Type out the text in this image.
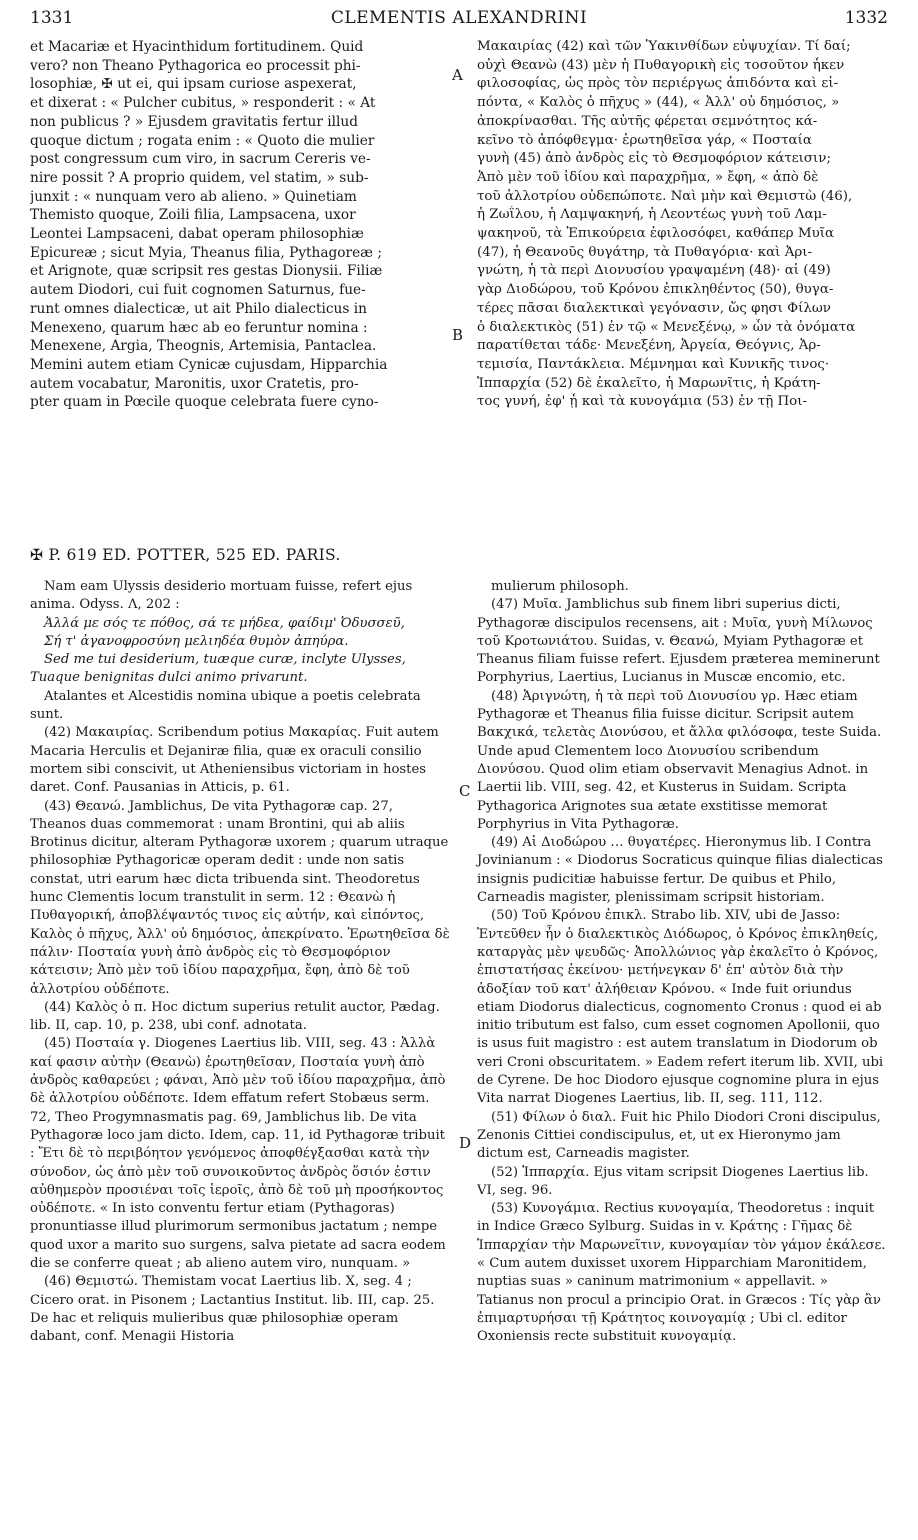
1331	CLEMENTIS ALEXANDRINI	1332
et Macariæ et Hyacinthidum fortitudinem. Quid
vero? non Theano Pythagorica eo processit phi-
losophiæ, ✠ ut ei, qui ipsam curiose aspexerat,
et dixerat : « Pulcher cubitus, » responderit : « At
non publicus ? » Ejusdem gravitatis fertur illud
quoque dictum ; rogata enim : « Quoto die mulier
post congressum cum viro, in sacrum Cereris ve-
nire possit ? A proprio quidem, vel statim, » sub-
junxit : « nunquam vero ab alieno. » Quinetiam
Themisto quoque, Zoili filia, Lampsacena, uxor
Leontei Lampsaceni, dabat operam philosophiæ
Epicureæ ; sicut Myia, Theanus filia, Pythagoreæ ;
et Arignote, quæ scripsit res gestas Dionysii. Filiæ
autem Diodori, cui fuit cognomen Saturnus, fue-
runt omnes dialecticæ, ut ait Philo dialecticus in
Menexeno, quarum hæc ab eo feruntur nomina :
Menexene, Argia, Theognis, Artemisia, Pantaclea.
Memini autem etiam Cynicæ cujusdam, Hipparchia
autem vocabatur, Maronitis, uxor Cratetis, pro-
pter quam in Pœcile quoque celebrata fuere cyno-
Μακαιρίας (42) καὶ τῶν Ὑακινθίδων εὐψυχίαν. Τί δαί;
οὐχὶ Θεανὼ (43) μὲν ἡ Πυθαγορικὴ εἰς τοσοῦτον ἧκεν
φιλοσοφίας, ὡς πρὸς τὸν περιέργως ἀπιδόντα καὶ εἰ-
πόντα, « Καλὸς ὁ πῆχυς » (44), « Ἀλλ' οὐ δημόσιος, »
ἀποκρίνασθαι. Τῆς αὐτῆς φέρεται σεμνότητος κά-
κεῖνο τὸ ἀπόφθεγμα· ἐρωτηθεῖσα γάρ, « Ποσταία
γυνὴ (45) ἀπὸ ἀνδρὸς εἰς τὸ Θεσμοφόριον κάτεισιν;
Ἀπὸ μὲν τοῦ ἰδίου καὶ παραχρῆμα, » ἔφη, « ἀπὸ δὲ
τοῦ ἀλλοτρίου οὐδεπώποτε. Ναὶ μὴν καὶ Θεμιστὼ (46),
ἡ Ζωΐλου, ἡ Λαμψακηνή, ἡ Λεοντέως γυνὴ τοῦ Λαμ-
ψακηνοῦ, τὰ Ἐπικούρεια ἐφιλοσόφει, καθάπερ Μυῖα
(47), ἡ Θεανοῦς θυγάτηρ, τὰ Πυθαγόρια· καὶ Ἀρι-
γνώτη, ἡ τὰ περὶ Διονυσίου γραψαμένη (48)· αἱ (49)
γὰρ Διοδώρου, τοῦ Κρόνου ἐπικληθέντος (50), θυγα-
τέρες πᾶσαι διαλεκτικαὶ γεγόνασιν, ὥς φησι Φίλων
ὁ διαλεκτικὸς (51) ἐν τῷ « Μενεξένῳ, » ὧν τὰ ὀνόματα
παρατίθεται τάδε· Μενεξένη, Ἀργεία, Θεόγνις, Ἀρ-
τεμισία, Παντάκλεια. Μέμνημαι καὶ Κυνικῆς τινος·
Ἱππαρχία (52) δὲ ἐκαλεῖτο, ἡ Μαρωνῖτις, ἡ Κράτη-
τος γυνή, ἐφ' ᾗ καὶ τὰ κυνογάμια (53) ἐν τῇ Ποι-
A
B
C
D
✠ P. 619 ED. POTTER, 525 ED. PARIS.

Nam eam Ulyssis desiderio mortuam fuisse, refert ejus anima. Odyss. Λ, 202 :

Ἀλλά με σός τε πόθος, σά τε μήδεα, φαίδιμ' Ὀδυσσεῦ,

Σή τ' ἀγανοφροσύνη μελιηδέα θυμὸν ἀπηύρα.

Sed me tui desiderium, tuæque curæ, inclyte Ulysses, Tuaque benignitas dulci animo privarunt.

Atalantes et Alcestidis nomina ubique a poetis celebrata sunt.

(42) Μακαιρίας. Scribendum potius Μακαρίας. Fuit autem Macaria Herculis et Dejaniræ filia, quæ ex oraculi consilio mortem sibi conscivit, ut Atheniensibus victoriam in hostes daret. Conf. Pausanias in Atticis, p. 61.

(43) Θεανώ. Jamblichus, De vita Pythagoræ cap. 27, Theanos duas commemorat : unam Brontini, qui ab aliis Brotinus dicitur, alteram Pythagoræ uxorem ; quarum utraque philosophiæ Pythagoricæ operam dedit : unde non satis constat, utri earum hæc dicta tribuenda sint. Theodoretus hunc Clementis locum transtulit in serm. 12 : Θεανὼ ἡ Πυθαγορική, ἀποβλέψαντός τινος εἰς αὐτήν, καὶ εἰπόντος, Καλὸς ὁ πῆχυς, Ἀλλ' οὐ δημόσιος, ἀπεκρίνατο. Ἐρωτηθεῖσα δὲ πάλιν· Ποσταία γυνὴ ἀπὸ ἀνδρὸς εἰς τὸ Θεσμοφόριον κάτεισιν; Ἀπὸ μὲν τοῦ ἰδίου παραχρῆμα, ἔφη, ἀπὸ δὲ τοῦ ἀλλοτρίου οὐδέποτε.

(44) Καλὸς ὁ π. Hoc dictum superius retulit auctor, Pædag. lib. II, cap. 10, p. 238, ubi conf. adnotata.

(45) Ποσταία γ. Diogenes Laertius lib. VIII, seg. 43 : Ἀλλὰ καί φασιν αὐτὴν (Θεανὼ) ἐρωτηθεῖσαν, Ποσταία γυνὴ ἀπὸ ἀνδρὸς καθαρεύει ; φάναι, Ἀπὸ μὲν τοῦ ἰδίου παραχρῆμα, ἀπὸ δὲ ἀλλοτρίου οὐδέποτε. Idem effatum refert Stobæus serm. 72, Theo Progymnasmatis pag. 69, Jamblichus lib. De vita Pythagoræ loco jam dicto. Idem, cap. 11, id Pythagoræ tribuit : Ἔτι δὲ τὸ περιβόητον γενόμενος ἀποφθέγξασθαι κατὰ τὴν σύνοδον, ὡς ἀπὸ μὲν τοῦ συνοικοῦντος ἀνδρὸς ὅσιόν ἐστιν αὐθημερὸν προσιέναι τοῖς ἱεροῖς, ἀπὸ δὲ τοῦ μὴ προσήκοντος οὐδέποτε. « In isto conventu fertur etiam (Pythagoras) pronuntiasse illud plurimorum sermonibus jactatum ; nempe quod uxor a marito suo surgens, salva pietate ad sacra eodem die se conferre queat ; ab alieno autem viro, nunquam. »

(46) Θεμιστώ. Themistam vocat Laertius lib. X, seg. 4 ; Cicero orat. in Pisonem ; Lactantius Institut. lib. III, cap. 25. De hac et reliquis mulieribus quæ philosophiæ operam dabant, conf. Menagii Historia

mulierum philosoph.

(47) Μυῖα. Jamblichus sub finem libri superius dicti, Pythagoræ discipulos recensens, ait : Μυῖα, γυνὴ Μίλωνος τοῦ Κροτωνιάτου. Suidas, v. Θεανώ, Myiam Pythagoræ et Theanus filiam fuisse refert. Ejusdem præterea meminerunt Porphyrius, Laertius, Lucianus in Muscæ encomio, etc.

(48) Ἀριγνώτη, ἡ τὰ περὶ τοῦ Διονυσίου γρ. Hæc etiam Pythagoræ et Theanus filia fuisse dicitur. Scripsit autem Βακχικά, τελετὰς Διονύσου, et ἄλλα φιλόσοφα, teste Suida. Unde apud Clementem loco Διονυσίου scribendum Διονύσου. Quod olim etiam observavit Menagius Adnot. in Laertii lib. VIII, seg. 42, et Kusterus in Suidam. Scripta Pythagorica Arignotes sua ætate exstitisse memorat Porphyrius in Vita Pythagoræ.

(49) Αἱ Διοδώρου … θυγατέρες. Hieronymus lib. I Contra Jovinianum : « Diodorus Socraticus quinque filias dialecticas insignis pudicitiæ habuisse fertur. De quibus et Philo, Carneadis magister, plenissimam scripsit historiam.

(50) Τοῦ Κρόνου ἐπικλ. Strabo lib. XIV, ubi de Jasso: Ἐντεῦθεν ἦν ὁ διαλεκτικὸς Διόδωρος, ὁ Κρόνος ἐπικληθείς, καταργὰς μὲν ψευδῶς· Ἀπολλώνιος γὰρ ἐκαλεῖτο ὁ Κρόνος, ἐπιστατήσας ἐκείνου· μετήνεγκαν δ' ἐπ' αὐτὸν διὰ τὴν ἀδοξίαν τοῦ κατ' ἀλήθειαν Κρόνου. « Inde fuit oriundus etiam Diodorus dialecticus, cognomento Cronus : quod ei ab initio tributum est falso, cum esset cognomen Apollonii, quo is usus fuit magistro : est autem translatum in Diodorum ob veri Croni obscuritatem. » Eadem refert iterum lib. XVII, ubi de Cyrene. De hoc Diodoro ejusque cognomine plura in ejus Vita narrat Diogenes Laertius, lib. II, seg. 111, 112.

(51) Φίλων ὁ διαλ. Fuit hic Philo Diodori Croni discipulus, Zenonis Cittiei condiscipulus, et, ut ex Hieronymo jam dictum est, Carneadis magister.

(52) Ἱππαρχία. Ejus vitam scripsit Diogenes Laertius lib. VI, seg. 96.

(53) Κυνογάμια. Rectius κυνογαμία, Theodoretus : inquit in Indice Græco Sylburg. Suidas in v. Κράτης : Γῆμας δὲ Ἱππαρχίαν τὴν Μαρωνεῖτιν, κυνογαμίαν τὸν γάμον ἐκάλεσε. « Cum autem duxisset uxorem Hipparchiam Maronitidem, nuptias suas » caninum matrimonium « appellavit. » Tatianus non procul a principio Orat. in Græcos : Τίς γὰρ ἂν ἐπιμαρτυρήσαι τῇ Κράτητος κοινογαμίᾳ ; Ubi cl. editor Oxoniensis recte substituit κυνογαμίᾳ.
